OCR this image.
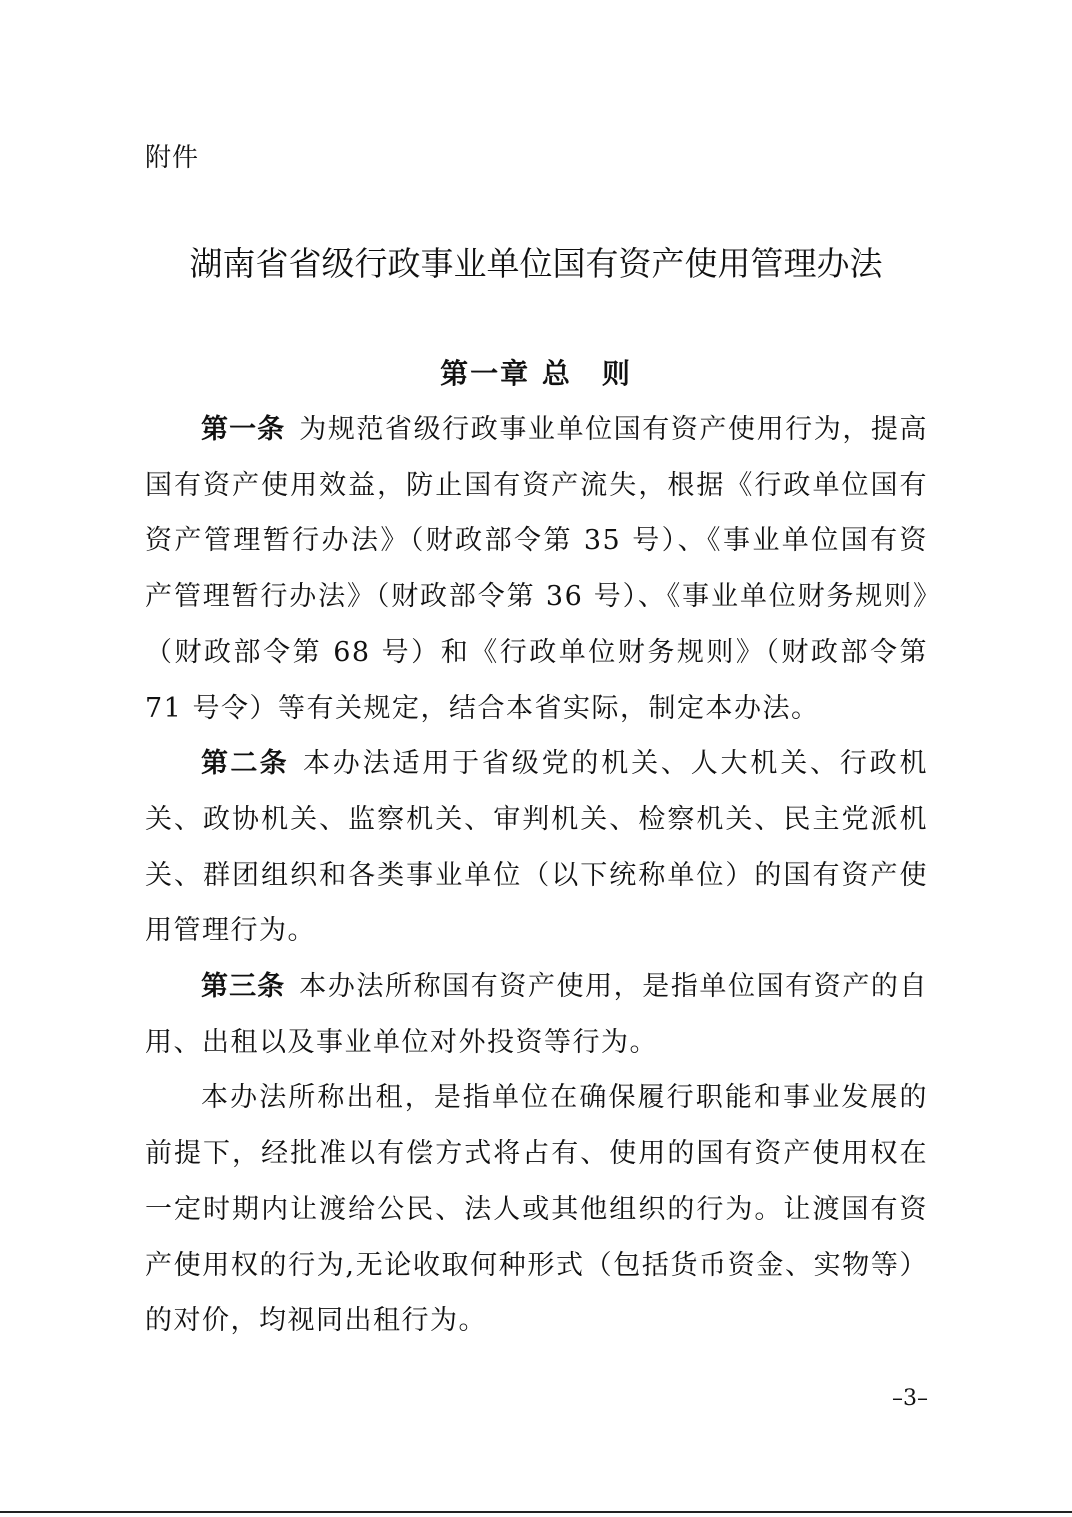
附件
湖南省省级行政事业单位国有资产使用管理办法
第一章 总　则

第一条 为规范省级行政事业单位国有资产使用行为，提高国有资产使用效益，防止国有资产流失，根据《行政单位国有资产管理暂行办法》（财政部令第 35 号）、《事业单位国有资产管理暂行办法》（财政部令第 36 号）、《事业单位财务规则》（财政部令第 68 号）和《行政单位财务规则》（财政部令第 71 号令）等有关规定，结合本省实际，制定本办法。

第二条 本办法适用于省级党的机关、人大机关、行政机关、政协机关、监察机关、审判机关、检察机关、民主党派机关、群团组织和各类事业单位（以下统称单位）的国有资产使用管理行为。

第三条 本办法所称国有资产使用，是指单位国有资产的自用、出租以及事业单位对外投资等行为。

本办法所称出租，是指单位在确保履行职能和事业发展的前提下，经批准以有偿方式将占有、使用的国有资产使用权在一定时期内让渡给公民、法人或其他组织的行为。让渡国有资产使用权的行为,无论收取何种形式（包括货币资金、实物等）的对价，均视同出租行为。

–3–
